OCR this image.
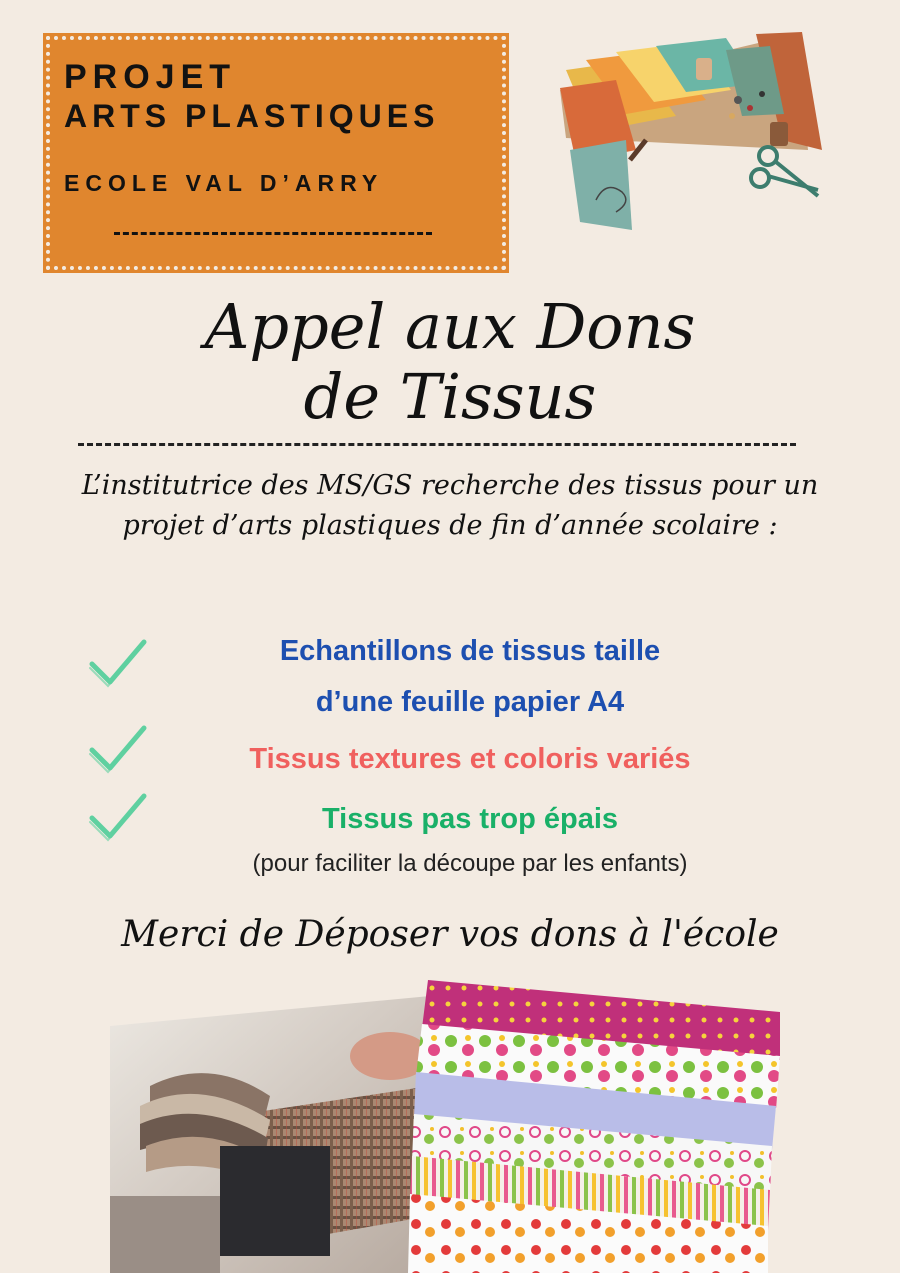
PROJET
ARTS PLASTIQUES
ECOLE VAL D’ARRY
Appel aux Dons
de Tissus
L’institutrice des MS/GS recherche des tissus pour un projet d’arts plastiques de fin d’année scolaire :
Echantillons de tissus taille
d’une feuille papier A4
Tissus textures et coloris variés
Tissus pas trop épais
(pour faciliter la découpe par les enfants)
Merci de Déposer vos dons à l'école
